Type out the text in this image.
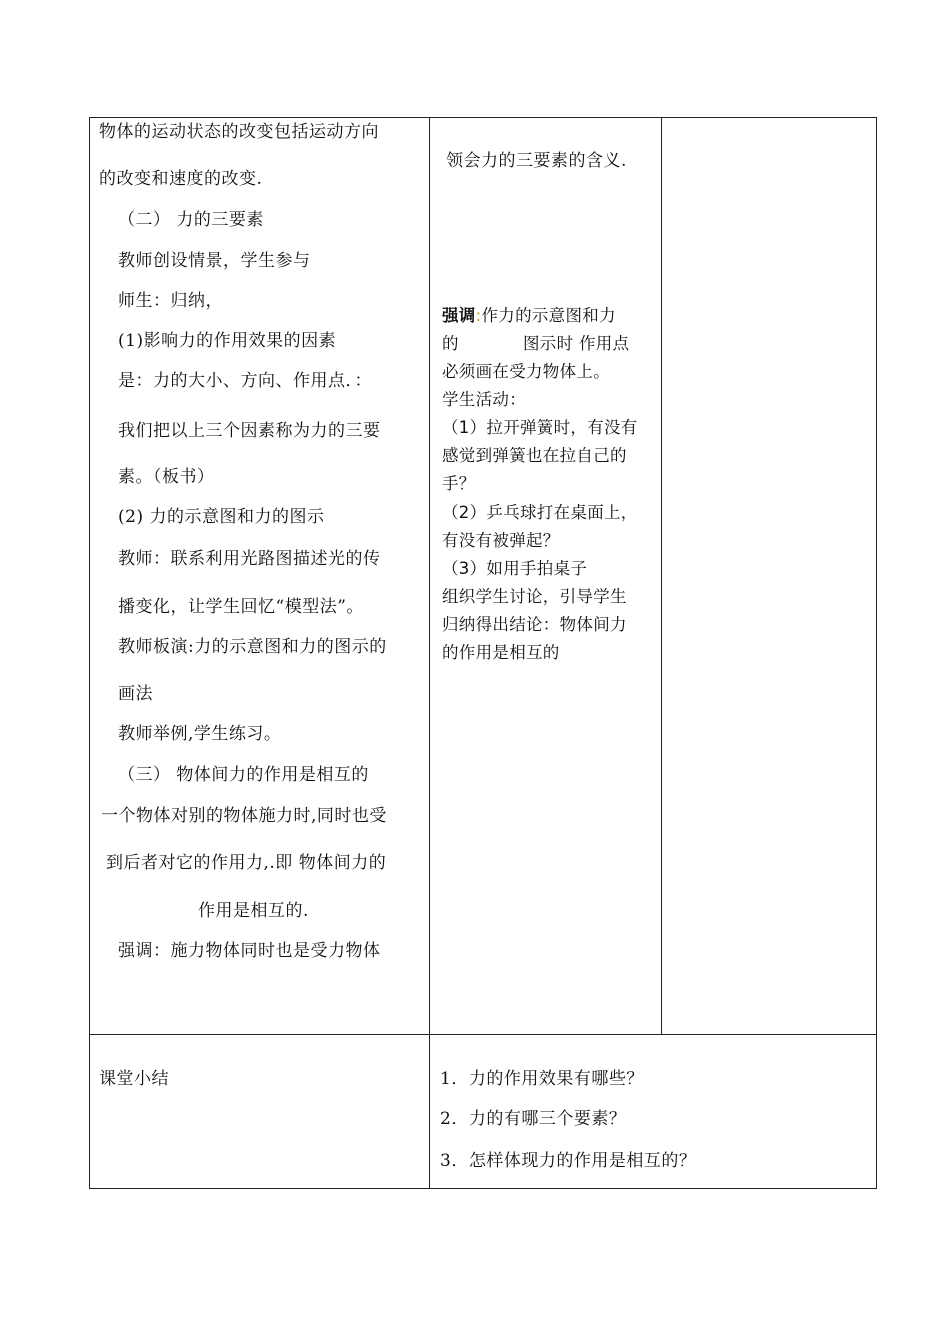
物体的运动状态的改变包括运动方向
的改变和速度的改变.
（二） 力的三要素
教师创设情景，学生参与
师生：归纳，
(1)影响力的作用效果的因素
是：力的大小、方向、作用点．：
我们把以上三个因素称为力的三要
素。（板书）
(2) 力的示意图和力的图示
教师：联系利用光路图描述光的传
播变化，让学生回忆“模型法”。
教师板演:力的示意图和力的图示的
画法
教师举例,学生练习。
（三） 物体间力的作用是相互的
一个物体对别的物体施力时,同时也受
到后者对它的作用力,.即 物体间力的
作用是相互的.
强调：施力物体同时也是受力物体
领会力的三要素的含义.
强调:作力的示意图和力
的	图示时 作用点
必须画在受力物体上。
学生活动：
（1）拉开弹簧时，有没有
感觉到弹簧也在拉自己的
手？
（2）乒乓球打在桌面上，
有没有被弹起？
（3）如用手拍桌子
组织学生讨论，引导学生
归纳得出结论：物体间力
的作用是相互的
课堂小结	1．力的作用效果有哪些？
2．力的有哪三个要素？
3．怎样体现力的作用是相互的？
